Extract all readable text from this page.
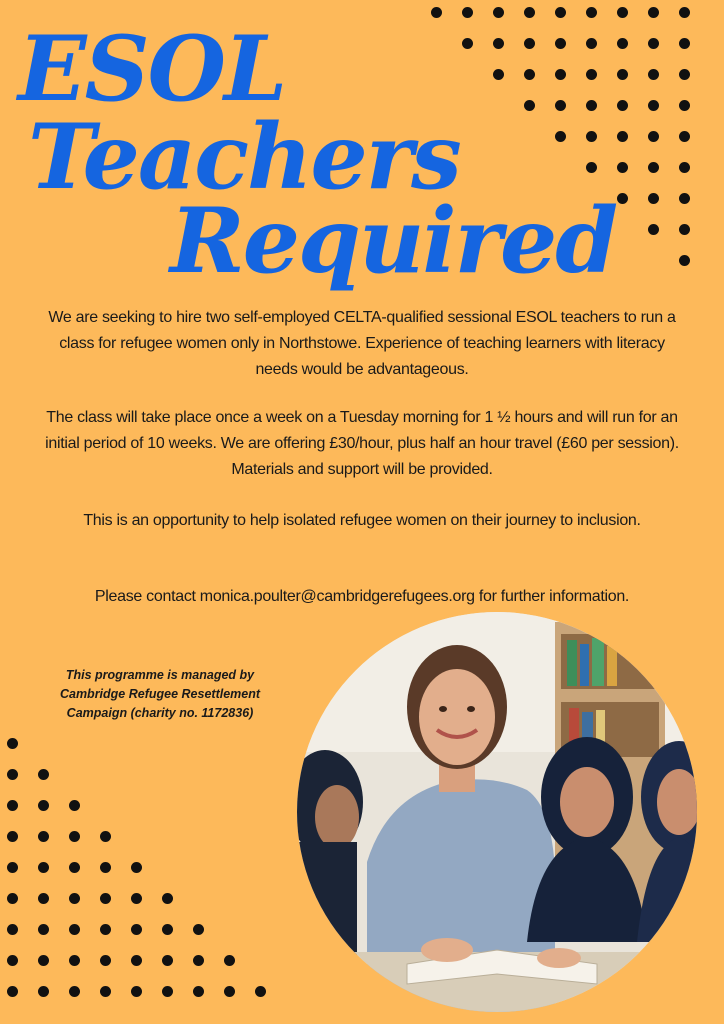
ESOL
Teachers
Required

We are seeking to hire two self-employed CELTA-qualified sessional ESOL teachers to run a class for refugee women only in Northstowe. Experience of teaching learners with literacy needs would be advantageous.

The class will take place once a week on a Tuesday morning for 1 ½ hours and will run for an initial period of 10 weeks. We are offering £30/hour, plus half an hour travel (£60 per session). Materials and support will be provided.

This is an opportunity to help isolated refugee women on their journey to inclusion.

Please contact monica.poulter@cambridgerefugees.org for further information.

This programme is managed by Cambridge Refugee Resettlement Campaign (charity no. 1172836)
